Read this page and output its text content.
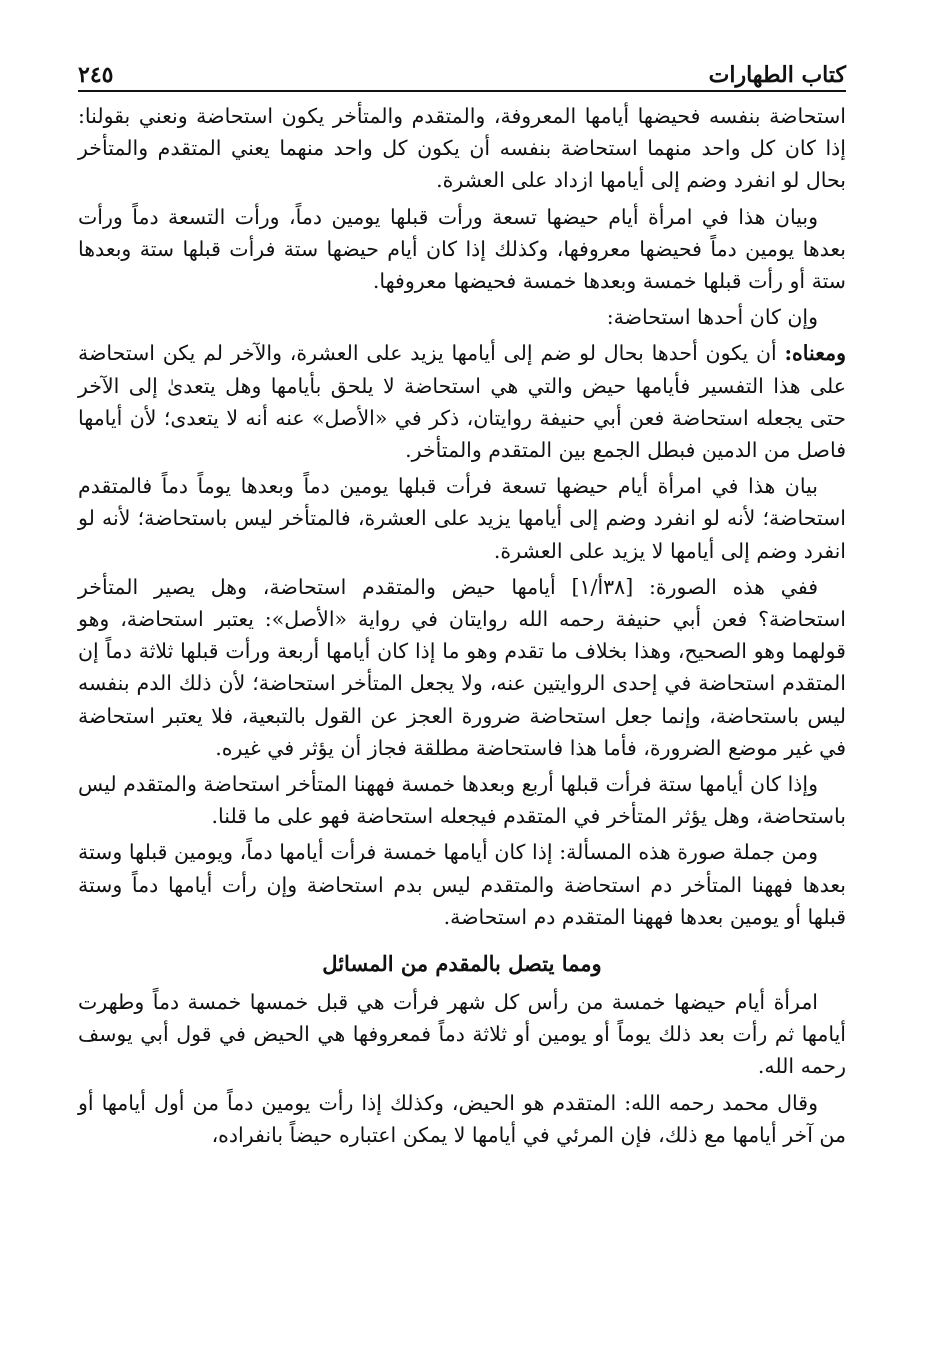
كتاب الطهارات
٢٤٥

استحاضة بنفسه فحيضها أيامها المعروفة، والمتقدم والمتأخر يكون استحاضة ونعني بقولنا: إذا كان كل واحد منهما استحاضة بنفسه أن يكون كل واحد منهما يعني المتقدم والمتأخر بحال لو انفرد وضم إلى أيامها ازداد على العشرة.

وبيان هذا في امرأة أيام حيضها تسعة ورأت قبلها يومين دماً، ورأت التسعة دماً ورأت بعدها يومين دماً فحيضها معروفها، وكذلك إذا كان أيام حيضها ستة فرأت قبلها ستة وبعدها ستة أو رأت قبلها خمسة وبعدها خمسة فحيضها معروفها.

وإن كان أحدها استحاضة:

ومعناه: أن يكون أحدها بحال لو ضم إلى أيامها يزيد على العشرة، والآخر لم يكن استحاضة على هذا التفسير فأيامها حيض والتي هي استحاضة لا يلحق بأيامها وهل يتعدىٰ إلى الآخر حتى يجعله استحاضة فعن أبي حنيفة روايتان، ذكر في «الأصل» عنه أنه لا يتعدى؛ لأن أيامها فاصل من الدمين فبطل الجمع بين المتقدم والمتأخر.

بيان هذا في امرأة أيام حيضها تسعة فرأت قبلها يومين دماً وبعدها يوماً دماً فالمتقدم استحاضة؛ لأنه لو انفرد وضم إلى أيامها يزيد على العشرة، فالمتأخر ليس باستحاضة؛ لأنه لو انفرد وضم إلى أيامها لا يزيد على العشرة.

ففي هذه الصورة: [٣٨أ/١] أيامها حيض والمتقدم استحاضة، وهل يصير المتأخر استحاضة؟ فعن أبي حنيفة رحمه الله روايتان في رواية «الأصل»: يعتبر استحاضة، وهو قولهما وهو الصحيح، وهذا بخلاف ما تقدم وهو ما إذا كان أيامها أربعة ورأت قبلها ثلاثة دماً إن المتقدم استحاضة في إحدى الروايتين عنه، ولا يجعل المتأخر استحاضة؛ لأن ذلك الدم بنفسه ليس باستحاضة، وإنما جعل استحاضة ضرورة العجز عن القول بالتبعية، فلا يعتبر استحاضة في غير موضع الضرورة، فأما هذا فاستحاضة مطلقة فجاز أن يؤثر في غيره.

وإذا كان أيامها ستة فرأت قبلها أربع وبعدها خمسة فههنا المتأخر استحاضة والمتقدم ليس باستحاضة، وهل يؤثر المتأخر في المتقدم فيجعله استحاضة فهو على ما قلنا.

ومن جملة صورة هذه المسألة: إذا كان أيامها خمسة فرأت أيامها دماً، ويومين قبلها وستة بعدها فههنا المتأخر دم استحاضة والمتقدم ليس بدم استحاضة وإن رأت أيامها دماً وستة قبلها أو يومين بعدها فههنا المتقدم دم استحاضة.

ومما يتصل بالمقدم من المسائل

امرأة أيام حيضها خمسة من رأس كل شهر فرأت هي قبل خمسها خمسة دماً وطهرت أيامها ثم رأت بعد ذلك يوماً أو يومين أو ثلاثة دماً فمعروفها هي الحيض في قول أبي يوسف رحمه الله.

وقال محمد رحمه الله: المتقدم هو الحيض، وكذلك إذا رأت يومين دماً من أول أيامها أو من آخر أيامها مع ذلك، فإن المرئي في أيامها لا يمكن اعتباره حيضاً بانفراده،
